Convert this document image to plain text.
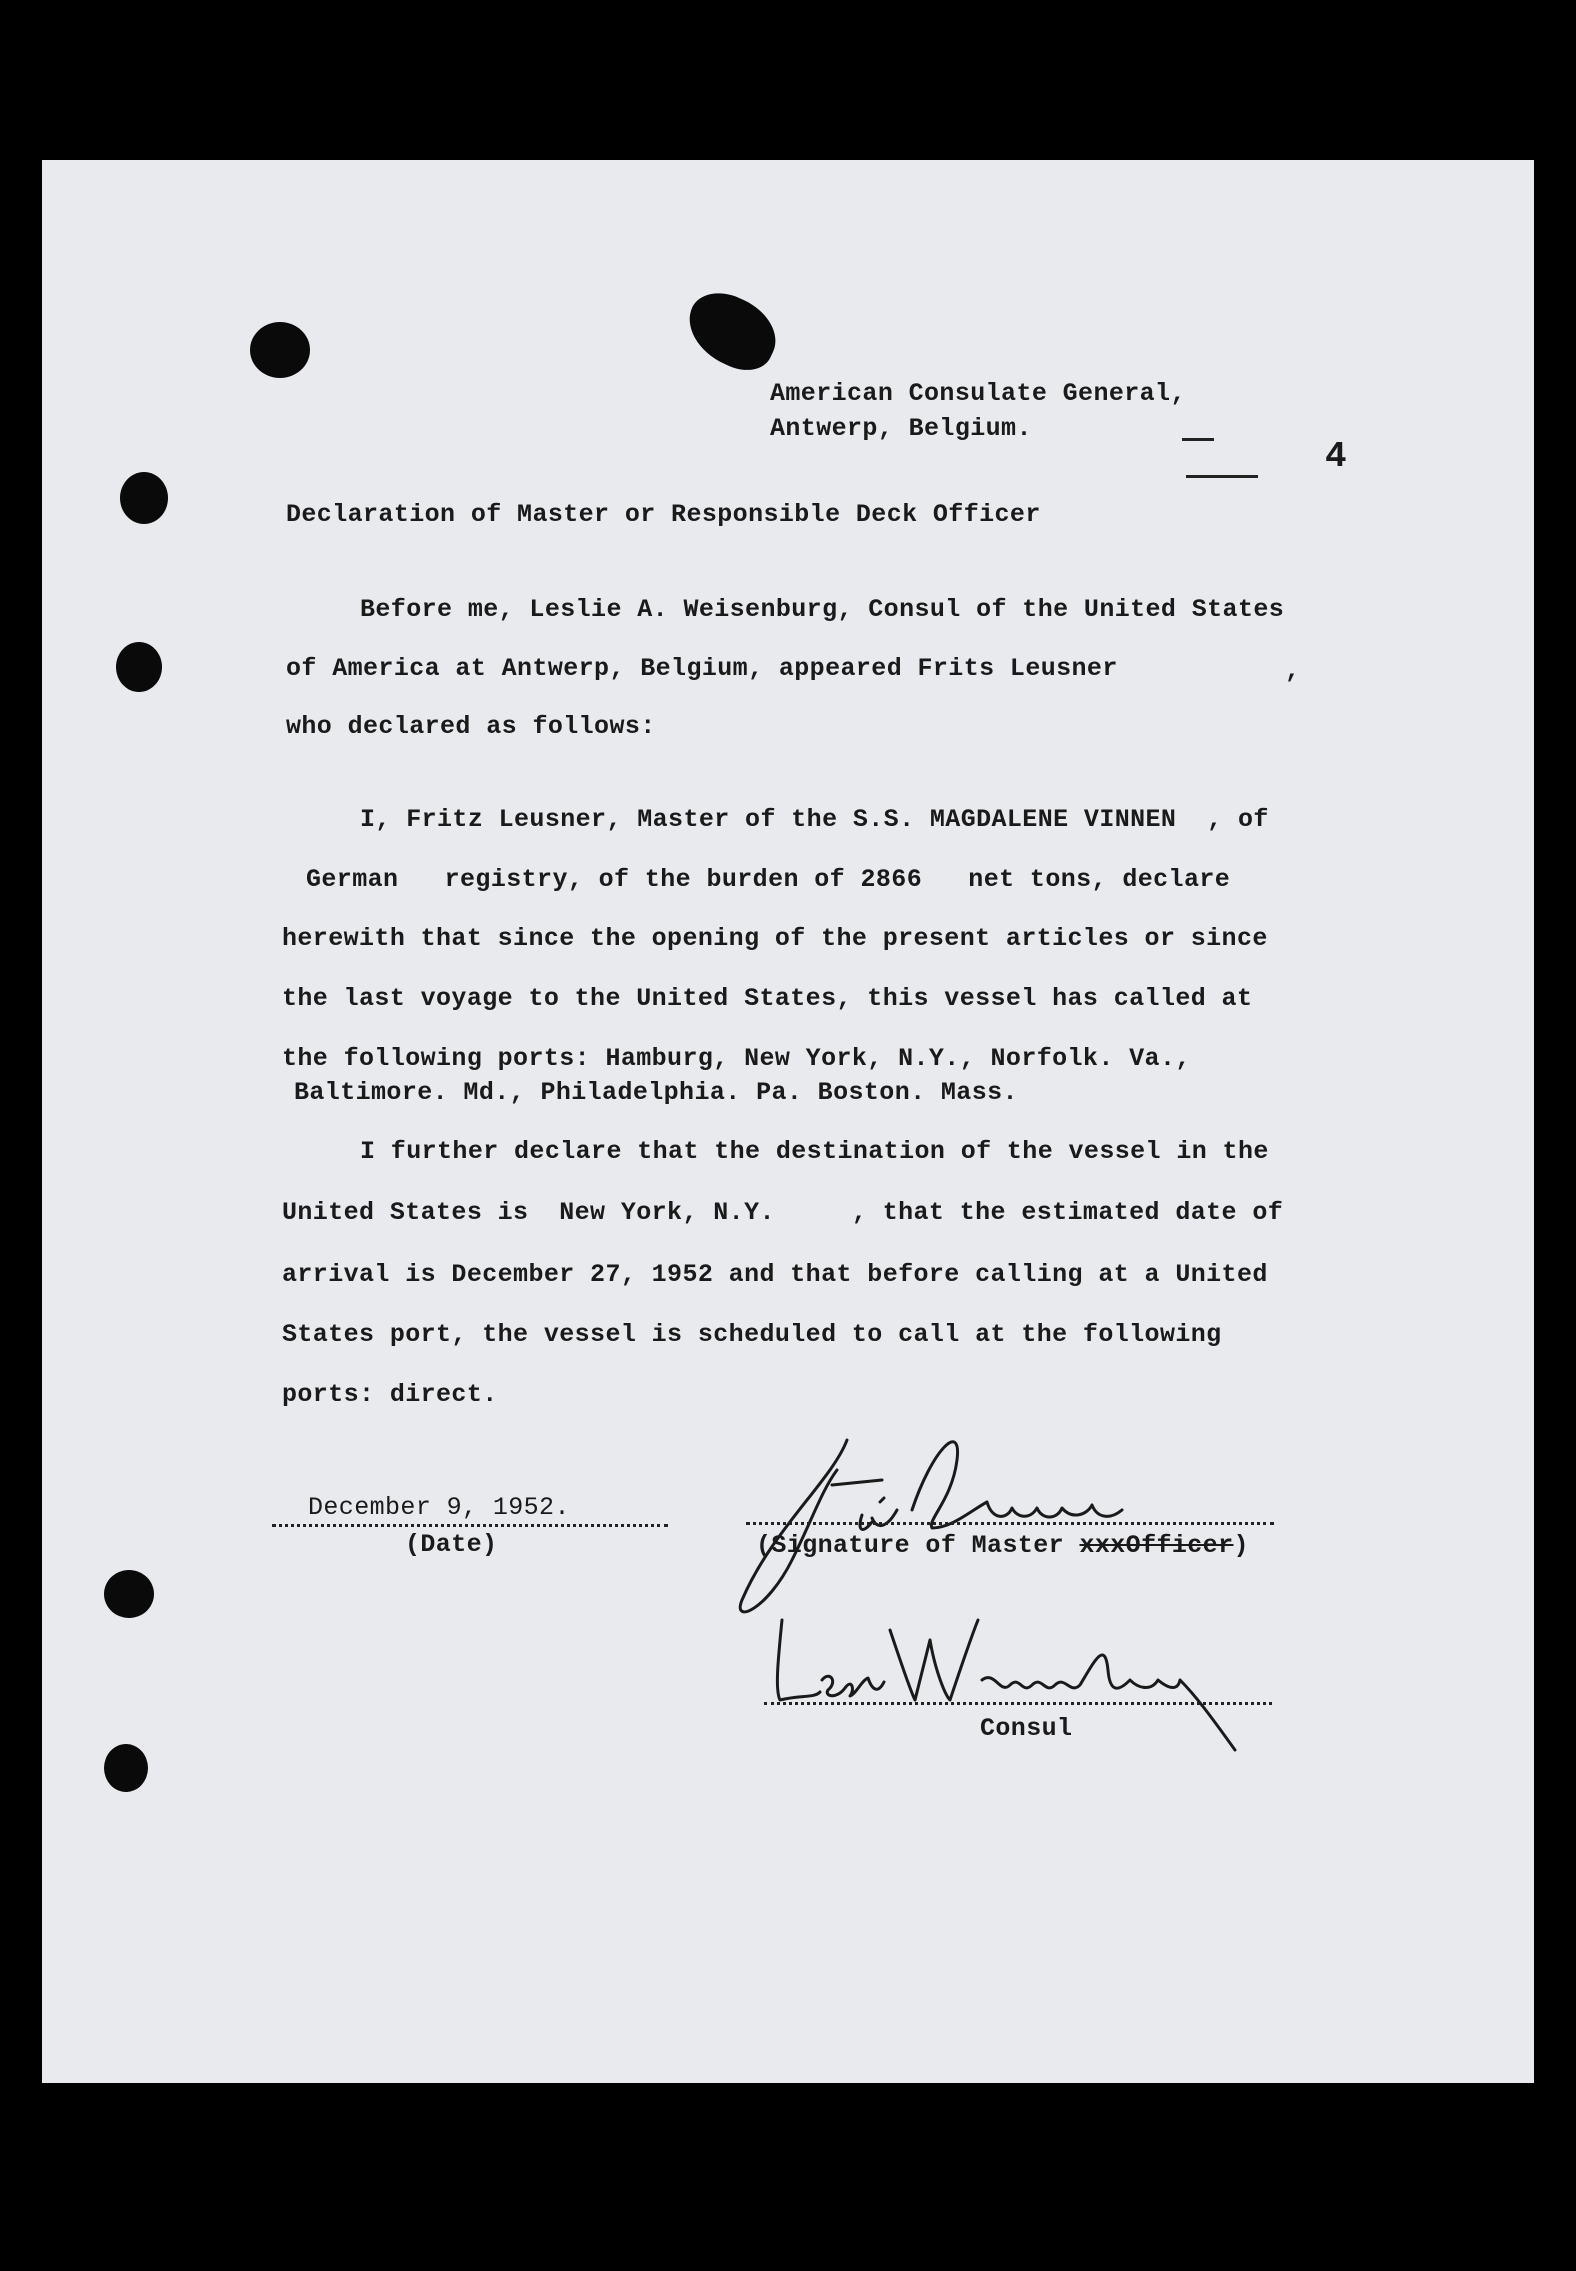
American Consulate General,
Antwerp, Belgium.
4
Declaration of Master or Responsible Deck Officer
Before me, Leslie A. Weisenburg, Consul of the United States
of America at Antwerp, Belgium, appeared Frits Leusner	,
who declared as follows:
I, Fritz Leusner, Master of the S.S. MAGDALENE VINNEN  , of
German   registry, of the burden of 2866   net tons, declare
herewith that since the opening of the present articles or since
the last voyage to the United States, this vessel has called at
the following ports: Hamburg, New York, N.Y., Norfolk. Va.,
Baltimore. Md., Philadelphia. Pa. Boston. Mass.
I further declare that the destination of the vessel in the
United States is  New York, N.Y.     , that the estimated date of
arrival is December 27, 1952 and that before calling at a United
States port, the vessel is scheduled to call at the following
ports: direct.
December 9, 1952.
(Date)	(Signature of Master xxxOfficer)
Consul
